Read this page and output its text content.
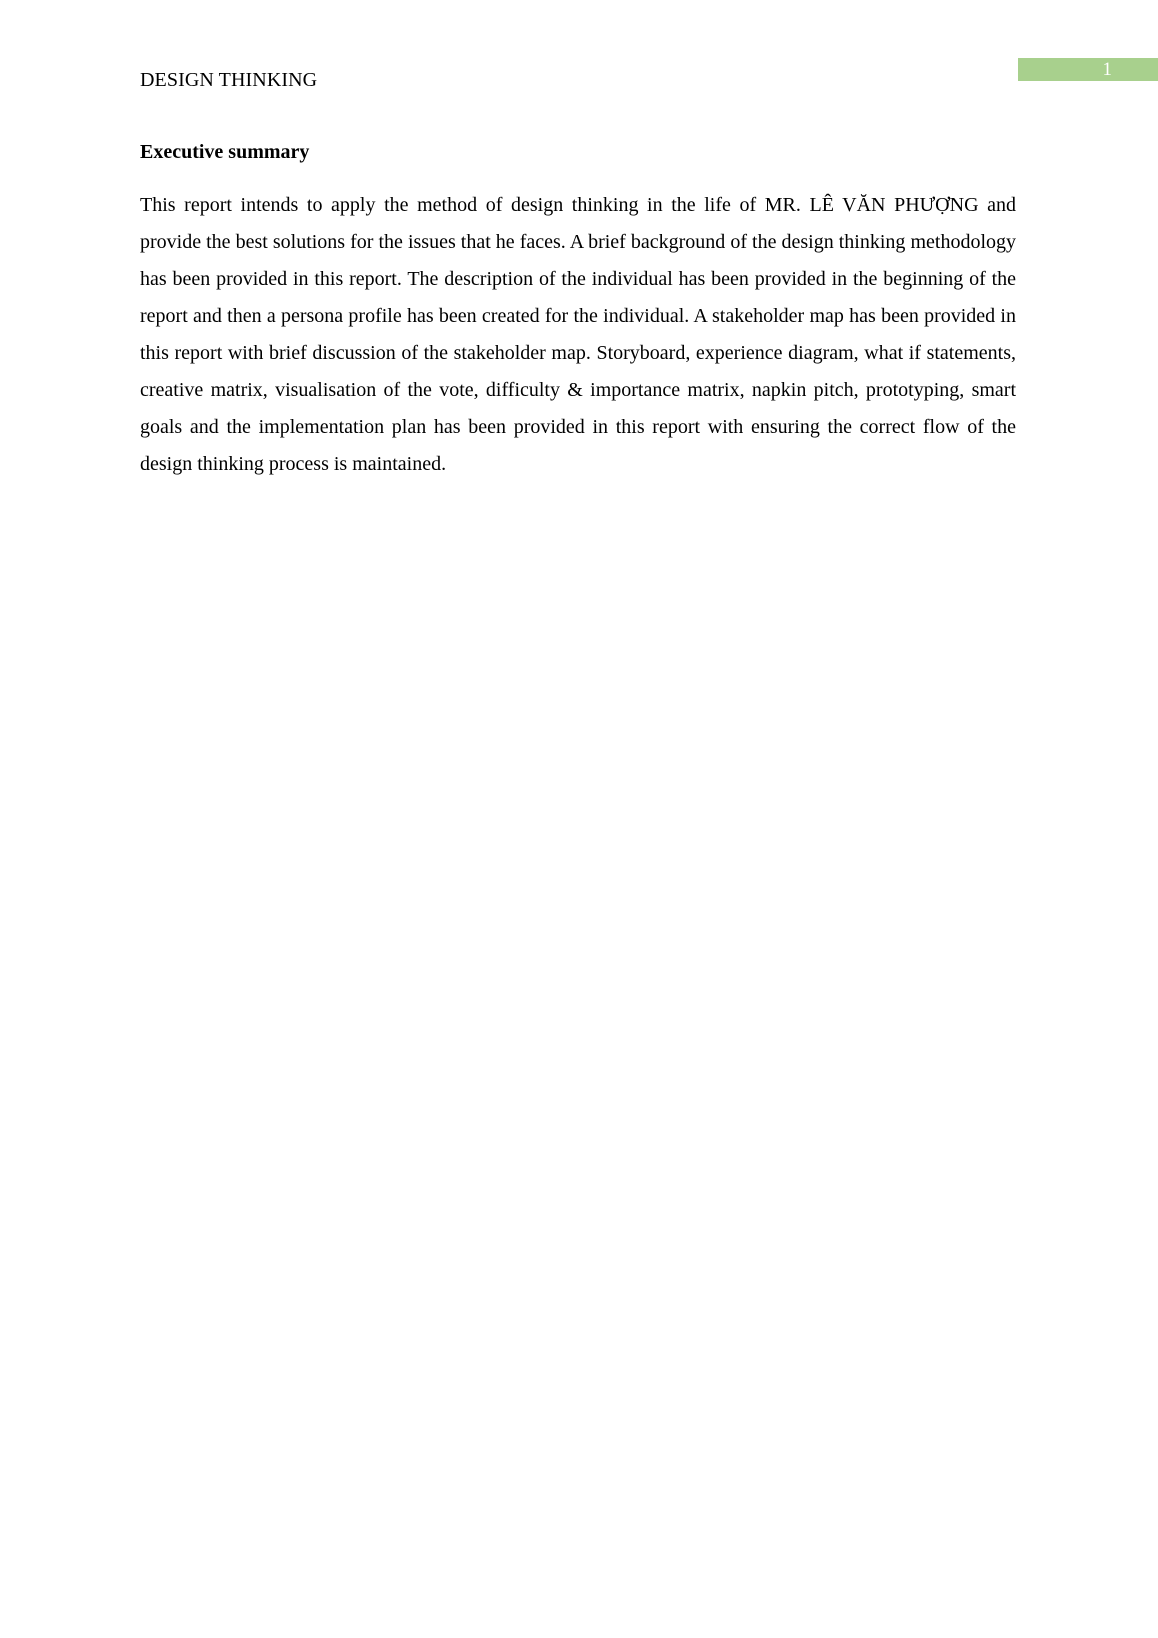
DESIGN THINKING	1
Executive summary

This report intends to apply the method of design thinking in the life of MR. LÊ VĂN PHƯỢNG and provide the best solutions for the issues that he faces. A brief background of the design thinking methodology has been provided in this report. The description of the individual has been provided in the beginning of the report and then a persona profile has been created for the individual. A stakeholder map has been provided in this report with brief discussion of the stakeholder map. Storyboard, experience diagram, what if statements, creative matrix, visualisation of the vote, difficulty & importance matrix, napkin pitch, prototyping, smart goals and the implementation plan has been provided in this report with ensuring the correct flow of the design thinking process is maintained.
